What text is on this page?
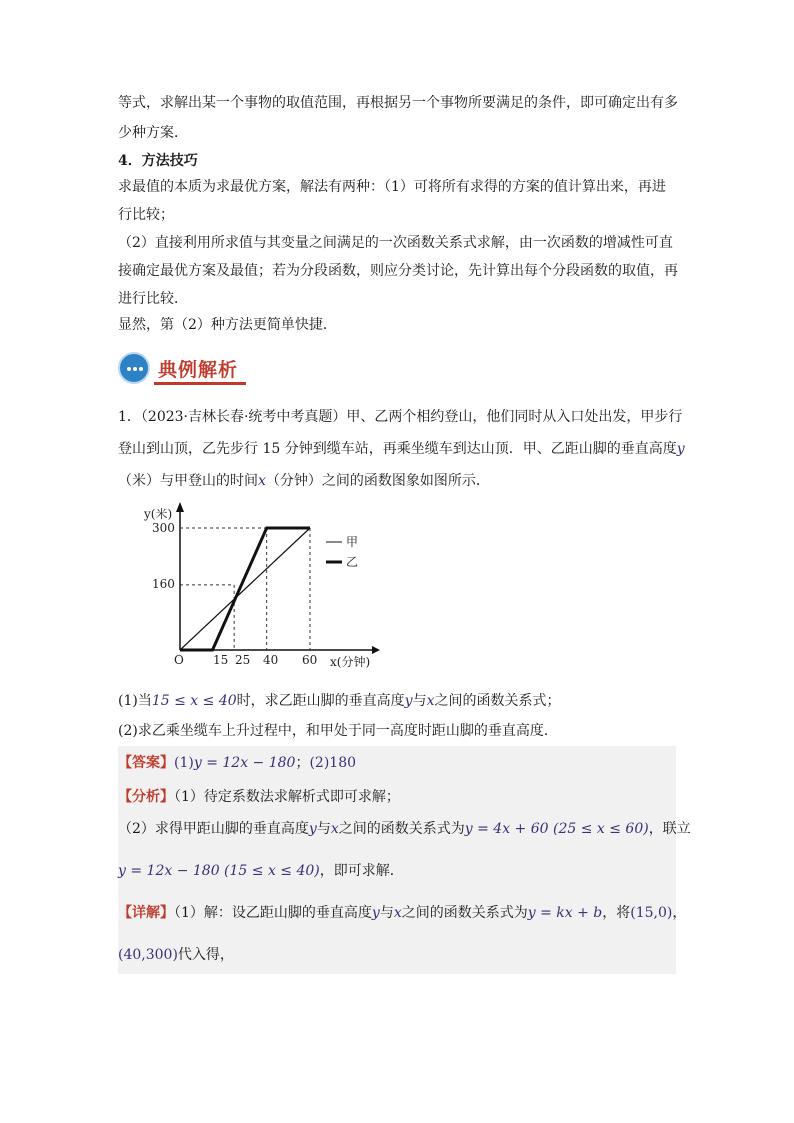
等式，求解出某一个事物的取值范围，再根据另一个事物所要满足的条件，即可确定出有多
少种方案．
4．方法技巧
求最值的本质为求最优方案，解法有两种：（1）可将所有求得的方案的值计算出来，再进
行比较；
（2）直接利用所求值与其变量之间满足的一次函数关系式求解，由一次函数的增减性可直
接确定最优方案及最值；若为分段函数，则应分类讨论，先计算出每个分段函数的取值，再
进行比较．
显然，第（2）种方法更简单快捷．
典例解析
1．（2023·吉林长春·统考中考真题）甲、乙两个相约登山，他们同时从入口处出发，甲步行
登山到山顶，乙先步行 15 分钟到缆车站，再乘坐缆车到达山顶．甲、乙距山脚的垂直高度y
（米）与甲登山的时间x（分钟）之间的函数图象如图所示．
y(米)
x(分钟)
O
300
160
15 25 40 60
甲
乙
(1)当15 ≤ x ≤ 40时，求乙距山脚的垂直高度y与x之间的函数关系式；
(2)求乙乘坐缆车上升过程中，和甲处于同一高度时距山脚的垂直高度．
【答案】(1)y = 12x − 180；(2)180
【分析】（1）待定系数法求解析式即可求解；
（2）求得甲距山脚的垂直高度y与x之间的函数关系式为y = 4x + 60 (25 ≤ x ≤ 60)，联立
y = 12x − 180 (15 ≤ x ≤ 40)，即可求解．
【详解】（1）解：设乙距山脚的垂直高度y与x之间的函数关系式为y = kx + b，将(15,0)，
(40,300)代入得，
